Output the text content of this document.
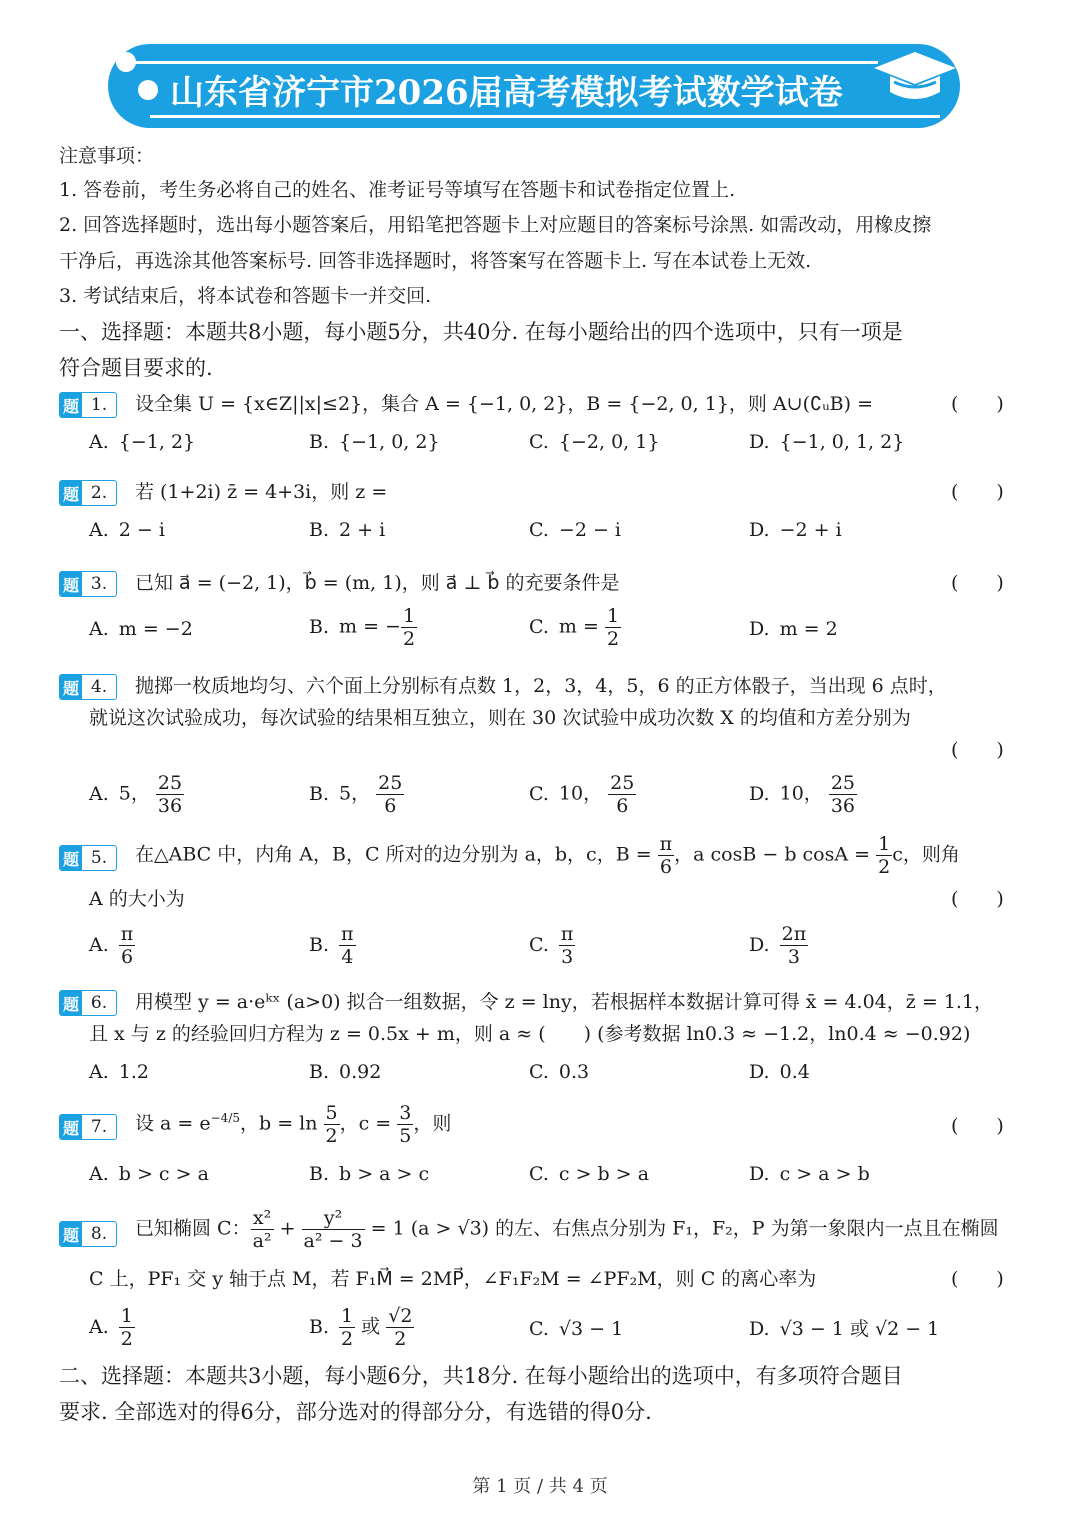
山东省济宁市2026届高考模拟考试数学试卷
注意事项：
1. 答卷前，考生务必将自己的姓名、准考证号等填写在答题卡和试卷指定位置上.
2. 回答选择题时，选出每小题答案后，用铅笔把答题卡上对应题目的答案标号涂黑. 如需改动，用橡皮擦
干净后，再选涂其他答案标号. 回答非选择题时，将答案写在答题卡上. 写在本试卷上无效.
3. 考试结束后，将本试卷和答题卡一并交回.
一、选择题：本题共8小题，每小题5分，共40分. 在每小题给出的四个选项中，只有一项是
符合题目要求的.
题 1.	设全集 U = {x∈Z||x|≤2}，集合 A = {−1, 0, 2}，B = {−2, 0, 1}，则 A∪(∁ᵤB) =	(　　)
A. {−1, 2}	B. {−1, 0, 2}	C. {−2, 0, 1}	D. {−1, 0, 1, 2}
题 2.	若 (1+2i) z̄ = 4+3i，则 z =	(　　)
A. 2 − i	B. 2 + i	C. −2 − i	D. −2 + i
题 3.	已知 a⃗ = (−2, 1)，b⃗ = (m, 1)，则 a⃗ ⊥ b⃗ 的充要条件是	(　　)
A. m = −2	B. m = − $\frac{1}{2}$	C. $m = \frac{1}{2}$	D. m = 2
题 4.	抛掷一枚质地均匀、六个面上分别标有点数 1，2，3，4，5，6 的正方体骰子，当出现 6 点时，
就说这次试验成功，每次试验的结果相互独立，则在 30 次试验中成功次数 X 的均值和方差分别为
(　　)
A. 5， $\frac{25}{36}$	B. 5， $\frac{25}{6}$	C. 10， $\frac{25}{6}$	D. 10， $\frac{25}{36}$
题 5.	在△ABC 中，内角 A，B，C 所对的边分别为 a，b，c，$B = \frac{\pi}{6}$ ，a cosB − b $\cos A = \frac{1}{2}$ c，则角
A 的大小为	(　　)
A. $\frac{\pi}{6}$	B. $\frac{\pi}{4}$	C. $\frac{\pi}{3}$	D. $\frac{2\pi}{3}$
题 6.	用模型 y = a·eᵏˣ (a>0) 拟合一组数据，令 z = lny，若根据样本数据计算可得 x̄ = 4.04，z̄ = 1.1，
且 x 与 z 的经验回归方程为 z = 0.5x + m，则 a ≈ (　　) (参考数据 ln0.3 ≈ −1.2，ln0.4 ≈ −0.92)
A. 1.2	B. 0.92	C. 0.3	D. 0.4
题 7.	设 $a = e^{-4/5}$，$b = \ln \frac{5}{2}$ ，$c = \frac{3}{5}$ ，则	(　　)
A. b > c > a	B. b > a > c	C. c > b > a	D. c > a > b
题 8.	已知椭圆 C： $\frac{\text{x²}}{\text{a²}} + \frac{\text{y²}}{\text{a² − 3}} = 1$ (a > √3) 的左、右焦点分别为 F₁，F₂，P 为第一象限内一点且在椭圆
C 上，PF₁ 交 y 轴于点 M，若 F₁M⃗ = 2MP⃗，∠F₁F₂M = ∠PF₂M，则 C 的离心率为	(　　)
A. $\frac{1}{2}$	B. $\frac{1}{2}$ 或 $\frac{√2}{2}$	C. √3 − 1	D. √3 − 1 或 √2 − 1
二、选择题：本题共3小题，每小题6分，共18分. 在每小题给出的选项中，有多项符合题目
要求. 全部选对的得6分，部分选对的得部分分，有选错的得0分.
第 1 页 / 共 4 页
